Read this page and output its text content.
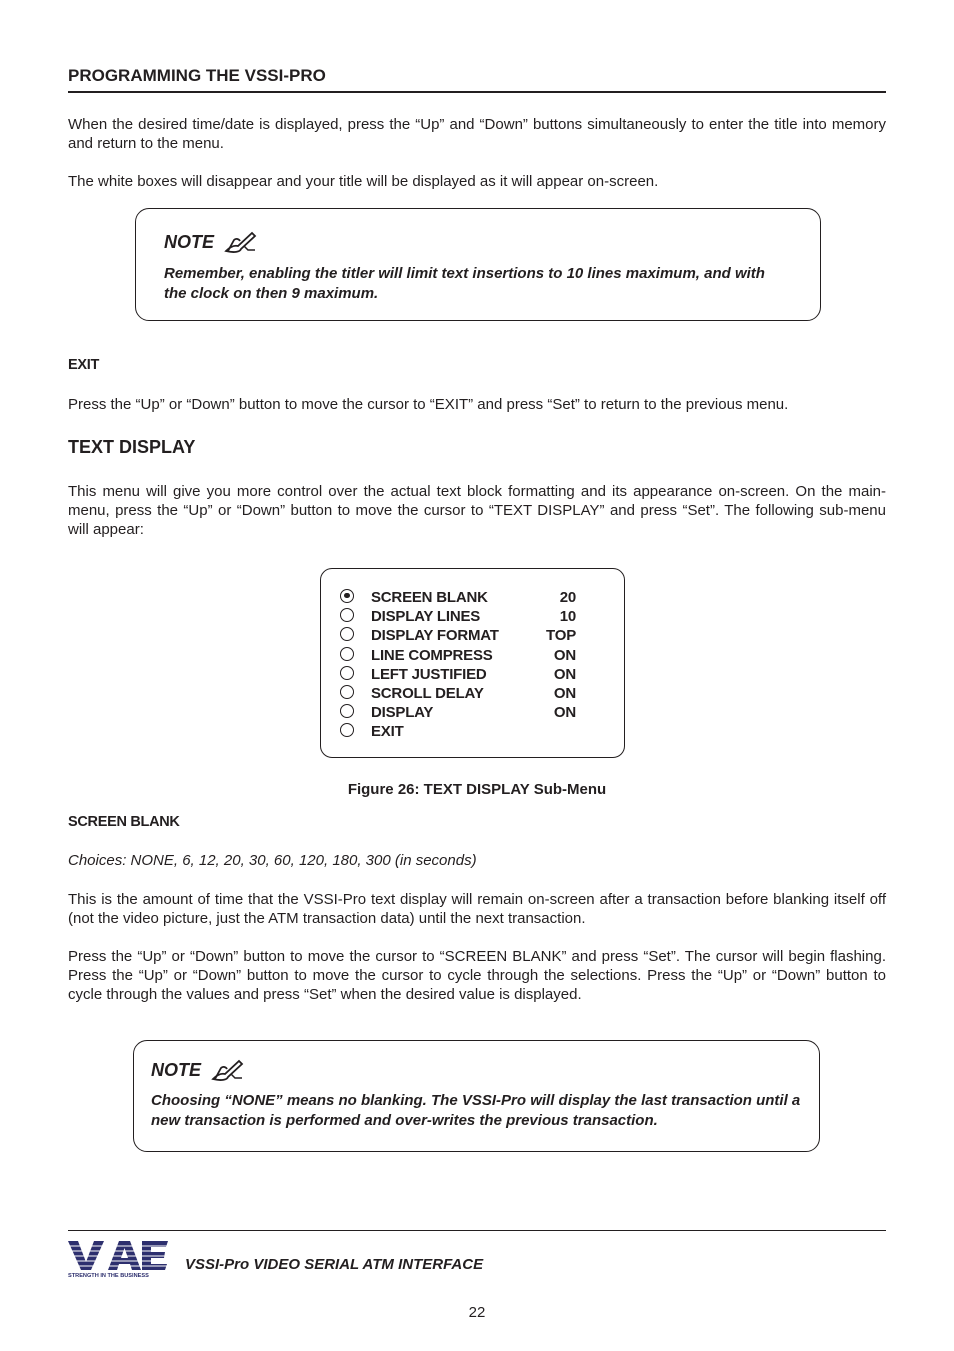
PROGRAMMING THE VSSI-PRO
When the desired time/date is displayed, press the “Up” and “Down” buttons simultaneously to enter the title into memory and return to the menu.
The white boxes will disappear and your title will be displayed as it will appear on-screen.
NOTE
Remember, enabling the titler will limit text insertions to 10 lines maximum, and with the clock on then 9 maximum.
EXIT
Press the “Up” or “Down” button to move the cursor to “EXIT” and press “Set” to return to the previous menu.
TEXT DISPLAY
This menu will give you more control over the actual text block formatting and its appearance on-screen. On the main-menu, press the “Up” or “Down” button to move the cursor to “TEXT DISPLAY” and press “Set”. The following sub-menu will appear:
SCREEN BLANK	20
DISPLAY LINES	10
DISPLAY FORMAT	TOP
LINE COMPRESS	ON
LEFT JUSTIFIED	ON
SCROLL DELAY	ON
DISPLAY	ON
EXIT
Figure 26: TEXT DISPLAY Sub-Menu
SCREEN BLANK
Choices: NONE, 6, 12, 20, 30, 60, 120, 180, 300 (in seconds)
This is the amount of time that the VSSI-Pro text display will remain on-screen after a transaction before blanking itself off (not the video picture, just the ATM transaction data) until the next transaction.
Press the “Up” or “Down” button to move the cursor to “SCREEN BLANK” and press “Set”. The cursor will begin flashing. Press the “Up” or “Down” button to move the cursor to cycle through the selections. Press the “Up” or “Down” button to cycle through the values and press “Set” when the desired value is displayed.
NOTE
Choosing “NONE” means no blanking. The VSSI-Pro will display the last transaction until a new transaction is performed and over-writes the previous transaction.
STRENGTH IN THE BUSINESS
VSSI-Pro VIDEO SERIAL ATM INTERFACE
22
